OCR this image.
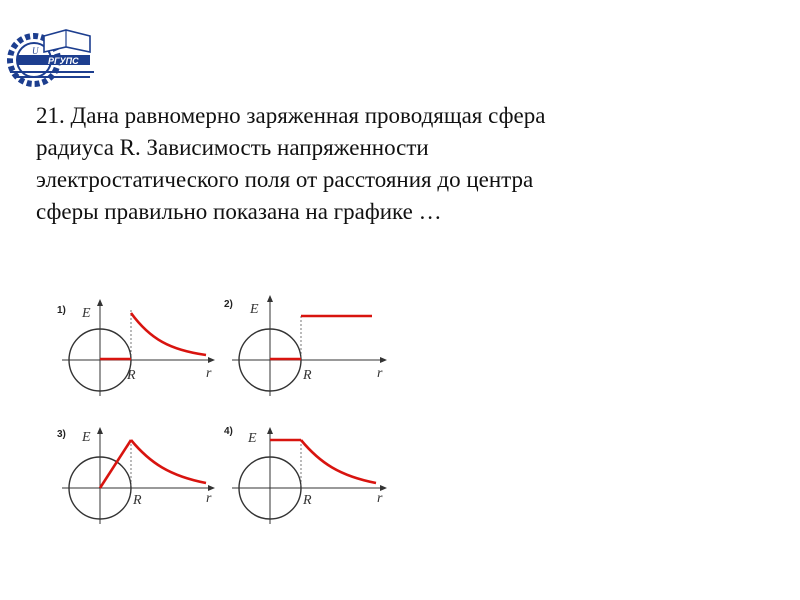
РГУПС
U

21. Дана равномерно заряженная проводящая сфера
радиуса R. Зависимость напряженности
электростатического поля от расстояния до центра
сферы правильно показана на графике …

1) E
R	r
2) E
R	r
3) E
R	r
4) E
R	r
